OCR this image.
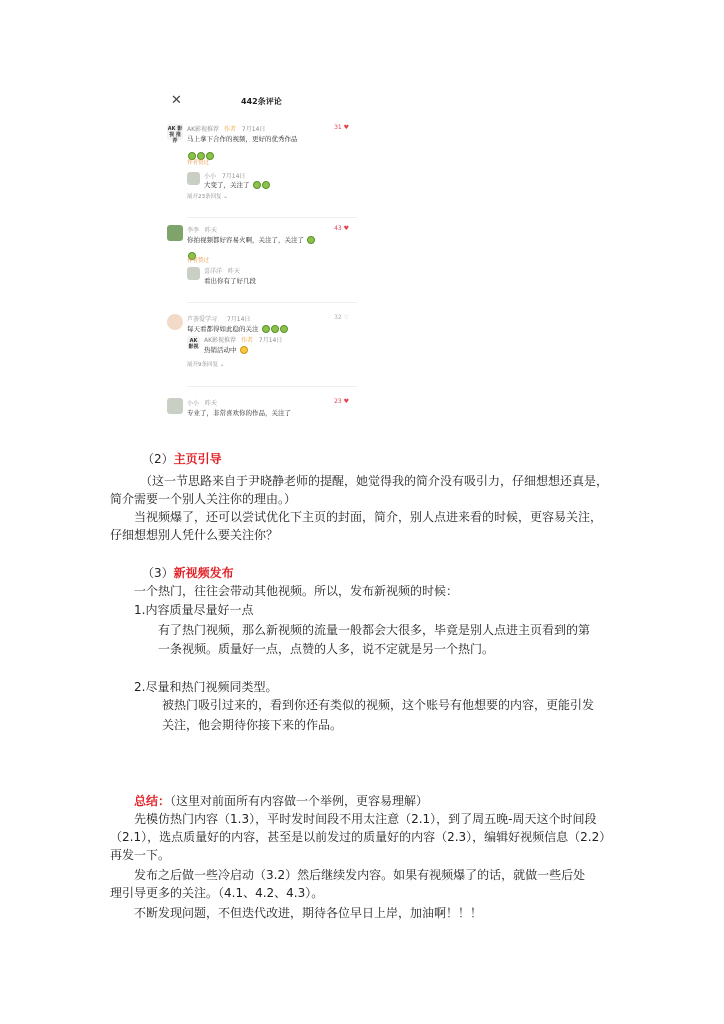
✕	442条评论
AK 影视 推荐
AK影视推荐 作者 7月14日	31 ♥
马上拿下合作的视频，更好的优秀作品
作者赞过
小小 7月14日
大变了，关注了
展开23条回复 ⌄
李李 昨天	43 ♥
你拍视频都好容易火啊，关注了，关注了
作者赞过
喜洋洋 昨天
看出你有了好几段
芦荟爱学习 7月14日	32 ♡
每天看都得如此稳的关注
AK 影视
AK影视推荐 作者 7月14日
热销活动中
展开9条回复 ⌄
小小 昨天	23 ♥
专业了，非常喜欢你的作品，关注了
（2）主页引导
（这一节思路来自于尹晓静老师的提醒，她觉得我的简介没有吸引力，仔细想想还真是，
简介需要一个别人关注你的理由。）
当视频爆了，还可以尝试优化下主页的封面，简介，别人点进来看的时候，更容易关注，
仔细想想别人凭什么要关注你？
（3）新视频发布
一个热门，往往会带动其他视频。所以，发布新视频的时候：
1.内容质量尽量好一点
有了热门视频，那么新视频的流量一般都会大很多，毕竟是别人点进主页看到的第
一条视频。质量好一点，点赞的人多，说不定就是另一个热门。
2.尽量和热门视频同类型。
被热门吸引过来的，看到你还有类似的视频，这个账号有他想要的内容，更能引发
关注，他会期待你接下来的作品。
总结：（这里对前面所有内容做一个举例，更容易理解）
先模仿热门内容（1.3），平时发时间段不用太注意（2.1），到了周五晚-周天这个时间段
（2.1），选点质量好的内容，甚至是以前发过的质量好的内容（2.3），编辑好视频信息（2.2）
再发一下。
发布之后做一些冷启动（3.2）然后继续发内容。如果有视频爆了的话，就做一些后处
理引导更多的关注。（4.1、4.2、4.3）。
不断发现问题，不但迭代改进，期待各位早日上岸，加油啊！！！
